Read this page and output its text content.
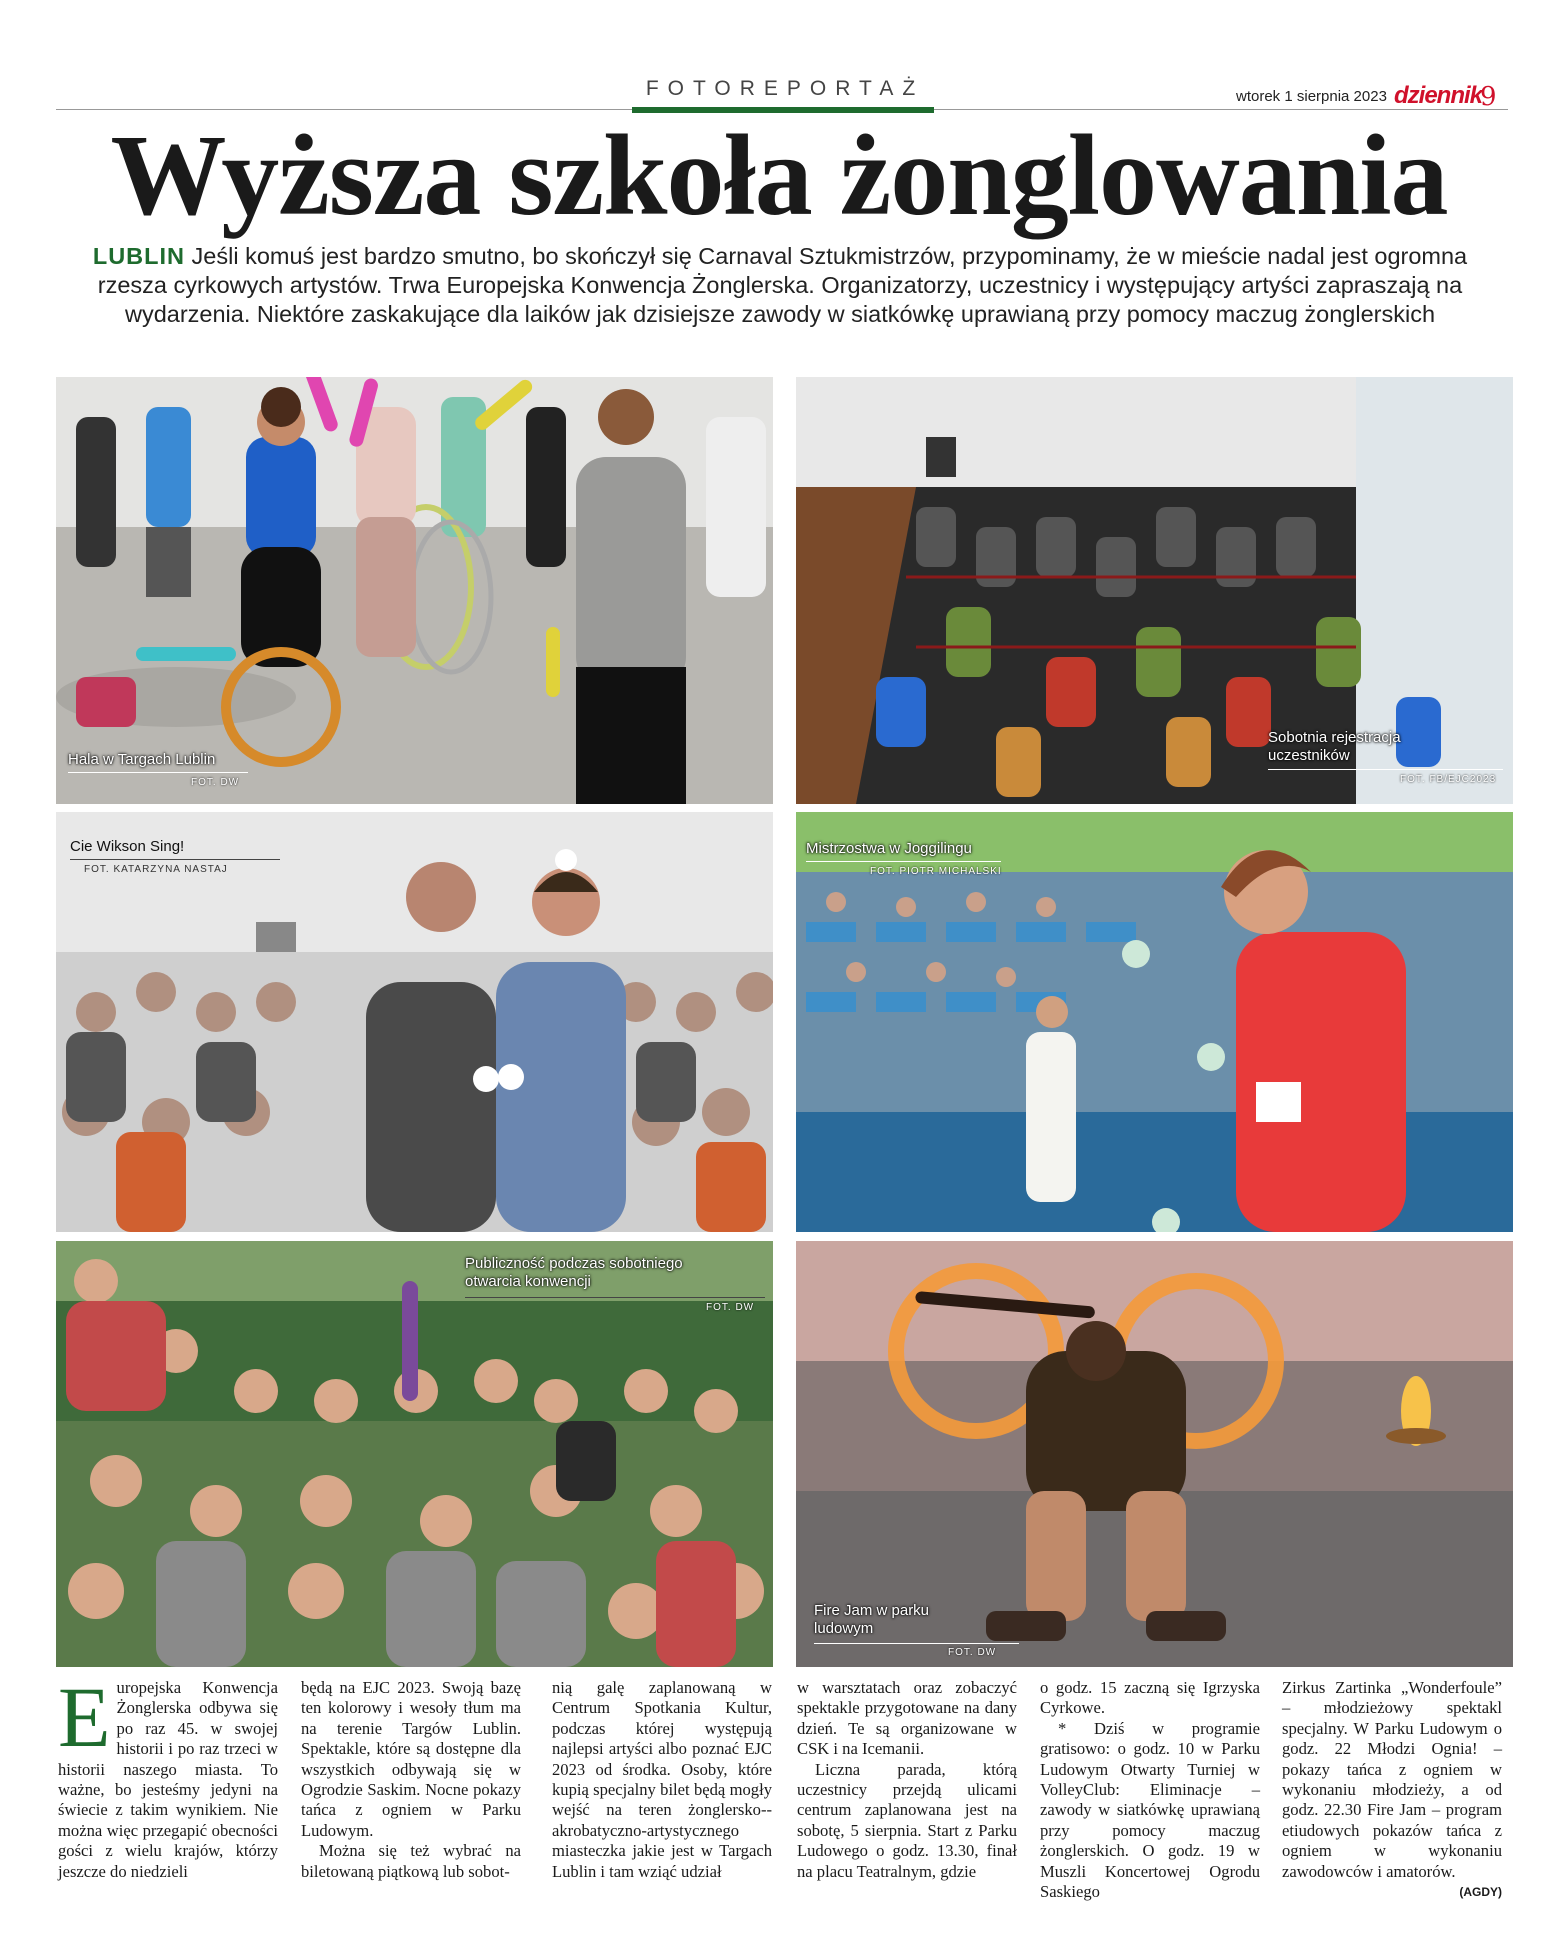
FOTOREPORTAŻ	wtorek 1 sierpnia 2023 dziennik
9
Wyższa szkoła żonglowania
LUBLIN Jeśli komuś jest bardzo smutno, bo skończył się Carnaval Sztukmistrzów, przypominamy, że w mieście nadal jest ogromna rzesza cyrkowych artystów. Trwa Europejska Konwencja Żonglerska. Organizatorzy, uczestnicy i występujący artyści zapraszają na wydarzenia. Niektóre zaskakujące dla laików jak dzisiejsze zawody w siatkówkę uprawianą przy pomocy maczug żonglerskich
Hala w Targach Lublin
FOT. DW
Sobotnia rejestracja uczestników
FOT. FB/EJC2023
Cie Wikson Sing!
FOT. KATARZYNA NASTAJ
Mistrzostwa w Joggilingu
FOT. PIOTR MICHALSKI
Publiczność podczas sobotniego otwarcia konwencji
FOT. DW
Fire Jam w parku ludowym
FOT. DW
E uropejska Konwencja Żonglerska odbywa się po raz 45. w swojej historii i po raz trzeci w historii naszego miasta. To ważne, bo jesteśmy jedyni na świecie z takim wynikiem. Nie można więc przegapić obecności gości z wielu krajów, którzy jeszcze do niedzieli

będą na EJC 2023. Swoją bazę ten kolorowy i wesoły tłum ma na terenie Targów Lublin. Spektakle, które są dostępne dla wszystkich odbywają się w Ogrodzie Saskim. Nocne pokazy tańca z ogniem w Parku Ludowym.

Można się też wybrać na biletowaną piątkową lub sobot-

nią galę zaplanowaną w Centrum Spotkania Kultur, podczas której występują najlepsi artyści albo poznać EJC 2023 od środka. Osoby, które kupią specjalny bilet będą mogły wejść na teren żonglersko--akrobatyczno-artystycznego miasteczka jakie jest w Targach Lublin i tam wziąć udział

w warsztatach oraz zobaczyć spektakle przygotowane na dany dzień. Te są organizowane w CSK i na Icemanii.

Liczna parada, którą uczestnicy przejdą ulicami centrum zaplanowana jest na sobotę, 5 sierpnia. Start z Parku Ludowego o godz. 13.30, finał na placu Teatralnym, gdzie

o godz. 15 zaczną się Igrzyska Cyrkowe.

* Dziś w programie gratisowo: o godz. 10 w Parku Ludowym Otwarty Turniej w VolleyClub: Eliminacje – zawody w siatkówkę uprawianą przy pomocy maczug żonglerskich. O godz. 19 w Muszli Koncertowej Ogrodu Saskiego

Zirkus Zartinka „Wonderfoule” – młodzieżowy spektakl specjalny. W Parku Ludowym o godz. 22 Młodzi Ognia! – pokazy tańca z ogniem w wykonaniu młodzieży, a od godz. 22.30 Fire Jam – program etiudowych pokazów tańca z ogniem w wykonaniu zawodowców i amatorów.

(AGDY)
